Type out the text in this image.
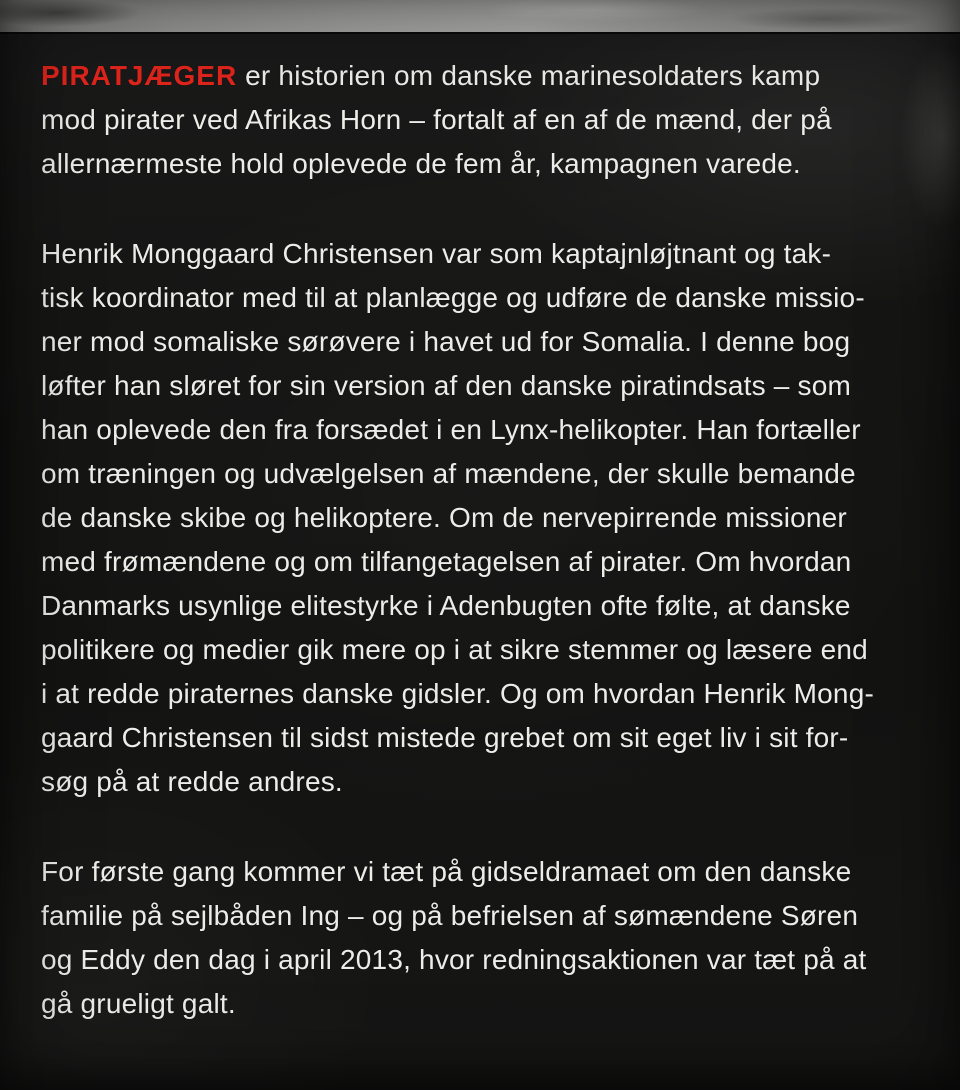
PIRATJÆGER er historien om danske marinesoldaters kamp
mod pirater ved Afrikas Horn – fortalt af en af de mænd, der på
allernærmeste hold oplevede de fem år, kampagnen varede.
Henrik Monggaard Christensen var som kaptajnløjtnant og tak-
tisk koordinator med til at planlægge og udføre de danske missio-
ner mod somaliske sørøvere i havet ud for Somalia. I denne bog
løfter han sløret for sin version af den danske piratindsats – som
han oplevede den fra forsædet i en Lynx-helikopter. Han fortæller
om træningen og udvælgelsen af mændene, der skulle bemande
de danske skibe og helikoptere. Om de nervepirrende missioner
med frømændene og om tilfangetagelsen af pirater. Om hvordan
Danmarks usynlige elitestyrke i Adenbugten ofte følte, at danske
politikere og medier gik mere op i at sikre stemmer og læsere end
i at redde piraternes danske gidsler. Og om hvordan Henrik Mong-
gaard Christensen til sidst mistede grebet om sit eget liv i sit for-
søg på at redde andres.
For første gang kommer vi tæt på gidseldramaet om den danske
familie på sejlbåden Ing – og på befrielsen af sømændene Søren
og Eddy den dag i april 2013, hvor redningsaktionen var tæt på at
gå grueligt galt.
